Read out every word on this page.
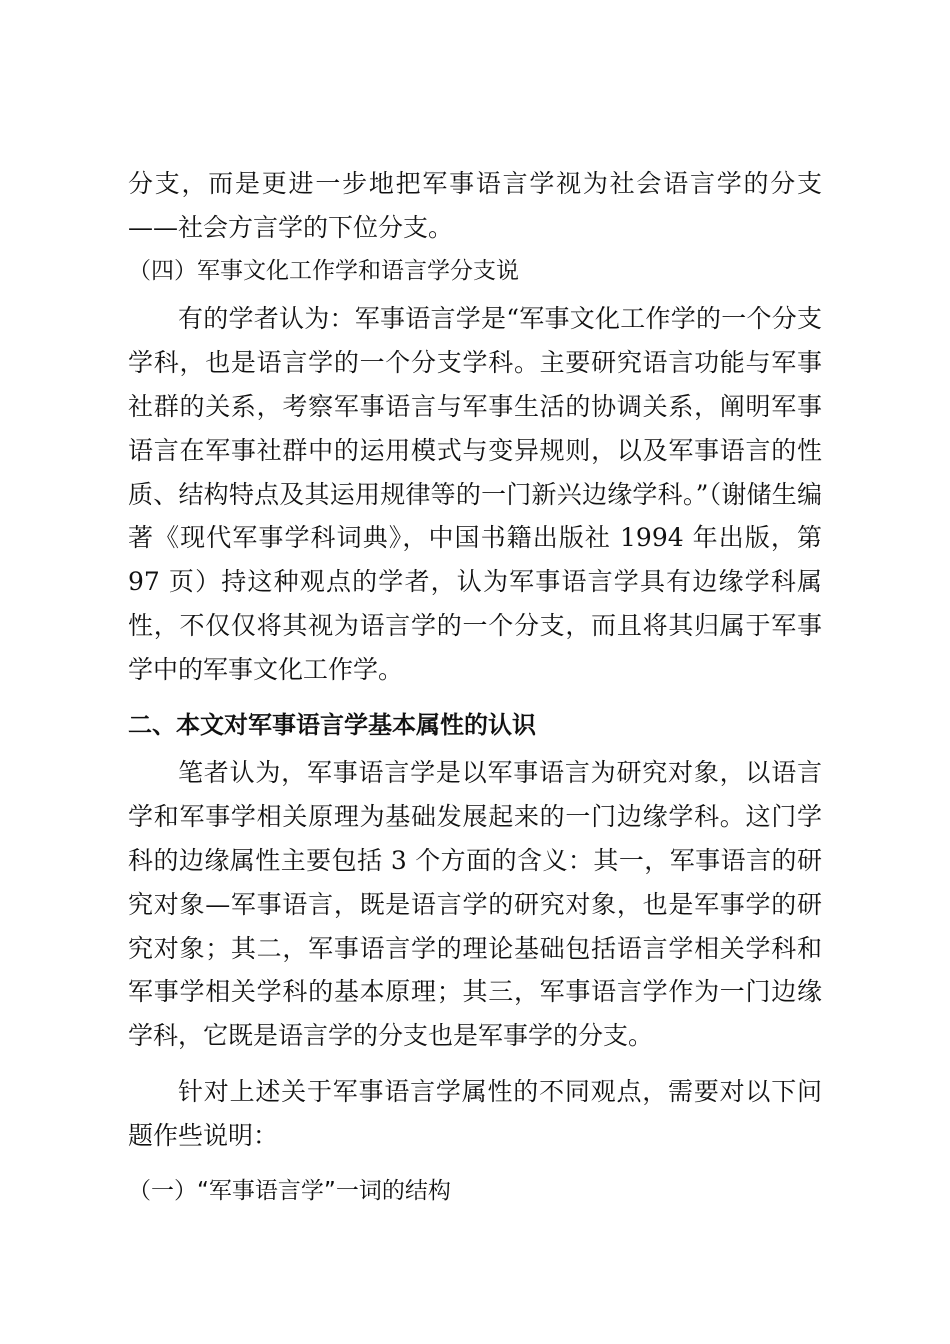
分支，而是更进一步地把军事语言学视为社会语言学的分支——社会方言学的下位分支。

（四）军事文化工作学和语言学分支说

有的学者认为：军事语言学是“军事文化工作学的一个分支学科，也是语言学的一个分支学科。主要研究语言功能与军事社群的关系，考察军事语言与军事生活的协调关系，阐明军事语言在军事社群中的运用模式与变异规则，以及军事语言的性质、结构特点及其运用规律等的一门新兴边缘学科。”（谢储生编著《现代军事学科词典》，中国书籍出版社 1994 年出版，第 97 页）持这种观点的学者，认为军事语言学具有边缘学科属性，不仅仅将其视为语言学的一个分支，而且将其归属于军事学中的军事文化工作学。

二、本文对军事语言学基本属性的认识

笔者认为，军事语言学是以军事语言为研究对象，以语言学和军事学相关原理为基础发展起来的一门边缘学科。这门学科的边缘属性主要包括 3 个方面的含义：其一，军事语言的研究对象—军事语言，既是语言学的研究对象，也是军事学的研究对象；其二，军事语言学的理论基础包括语言学相关学科和军事学相关学科的基本原理；其三，军事语言学作为一门边缘学科，它既是语言学的分支也是军事学的分支。

针对上述关于军事语言学属性的不同观点，需要对以下问题作些说明：

（一）“军事语言学”一词的结构
